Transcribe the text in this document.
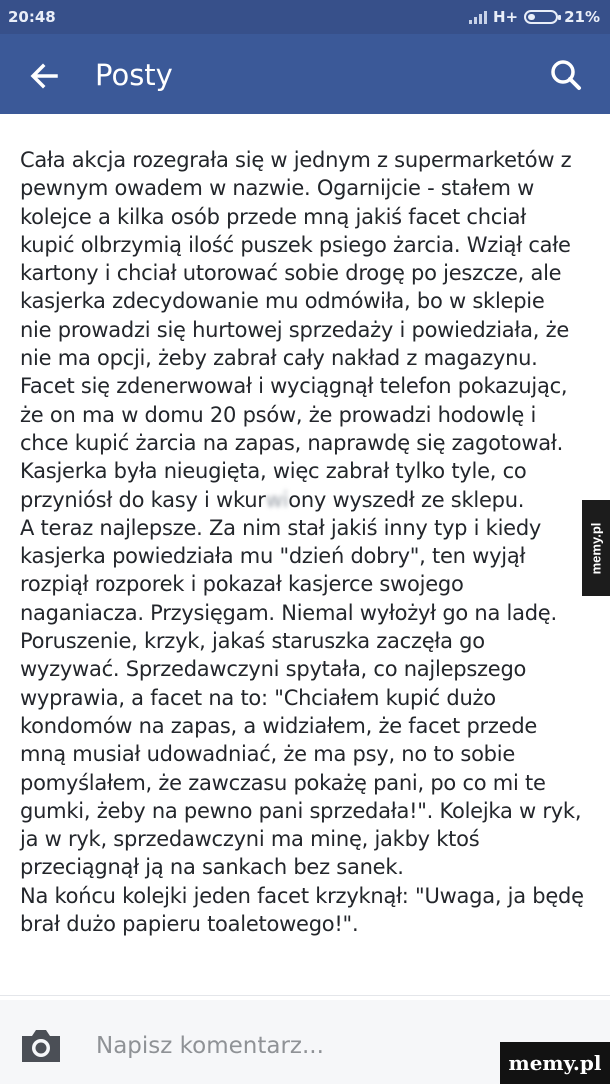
20:48	H+	21%
Posty
Cała akcja rozegrała się w jednym z supermarketów z
pewnym owadem w nazwie. Ogarnijcie - stałem w
kolejce a kilka osób przede mną jakiś facet chciał
kupić olbrzymią ilość puszek psiego żarcia. Wziął całe
kartony i chciał utorować sobie drogę po jeszcze, ale
kasjerka zdecydowanie mu odmówiła, bo w sklepie
nie prowadzi się hurtowej sprzedaży i powiedziała, że
nie ma opcji, żeby zabrał cały nakład z magazynu.
Facet się zdenerwował i wyciągnął telefon pokazując,
że on ma w domu 20 psów, że prowadzi hodowlę i
chce kupić żarcia na zapas, naprawdę się zagotował.
Kasjerka była nieugięta, więc zabrał tylko tyle, co
przyniósł do kasy i wkurwiony wyszedł ze sklepu.
A teraz najlepsze. Za nim stał jakiś inny typ i kiedy
kasjerka powiedziała mu "dzień dobry", ten wyjął
rozpiął rozporek i pokazał kasjerce swojego
naganiacza. Przysięgam. Niemal wyłożył go na ladę.
Poruszenie, krzyk, jakaś staruszka zaczęła go
wyzywać. Sprzedawczyni spytała, co najlepszego
wyprawia, a facet na to: "Chciałem kupić dużo
kondomów na zapas, a widziałem, że facet przede
mną musiał udowadniać, że ma psy, no to sobie
pomyślałem, że zawczasu pokażę pani, po co mi te
gumki, żeby na pewno pani sprzedała!". Kolejka w ryk,
ja w ryk, sprzedawczyni ma minę, jakby ktoś
przeciągnął ją na sankach bez sanek.
Na końcu kolejki jeden facet krzyknął: "Uwaga, ja będę
brał dużo papieru toaletowego!".
memy.pl
Napisz komentarz...
memy.pl
